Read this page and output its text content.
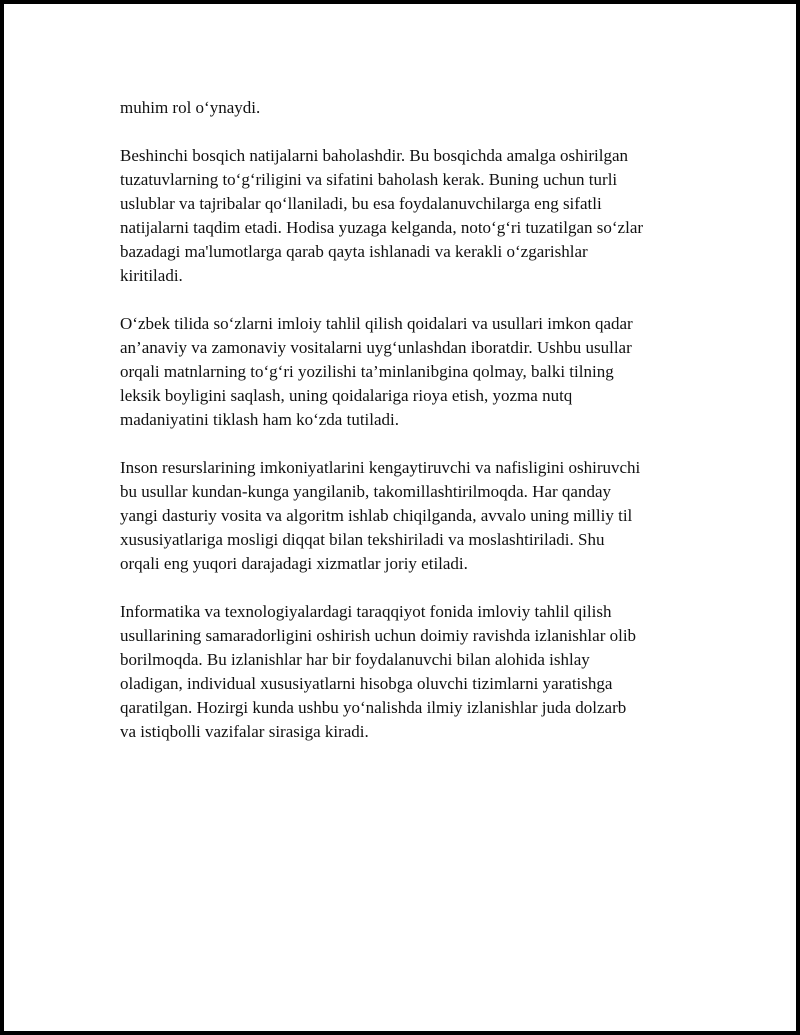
muhim rol o‘ynaydi.

Beshinchi bosqich natijalarni baholashdir. Bu bosqichda amalga oshirilgan
tuzatuvlarning to‘g‘riligini va sifatini baholash kerak. Buning uchun turli
uslublar va tajribalar qo‘llaniladi, bu esa foydalanuvchilarga eng sifatli
natijalarni taqdim etadi. Hodisa yuzaga kelganda, noto‘g‘ri tuzatilgan so‘zlar
bazadagi ma'lumotlarga qarab qayta ishlanadi va kerakli o‘zgarishlar
kiritiladi.

O‘zbek tilida so‘zlarni imloiy tahlil qilish qoidalari va usullari imkon qadar
an’anaviy va zamonaviy vositalarni uyg‘unlashdan iboratdir. Ushbu usullar
orqali matnlarning to‘g‘ri yozilishi ta’minlanibgina qolmay, balki tilning
leksik boyligini saqlash, uning qoidalariga rioya etish, yozma nutq
madaniyatini tiklash ham ko‘zda tutiladi.

Inson resurslarining imkoniyatlarini kengaytiruvchi va nafisligini oshiruvchi
bu usullar kundan-kunga yangilanib, takomillashtirilmoqda. Har qanday
yangi dasturiy vosita va algoritm ishlab chiqilganda, avvalo uning milliy til
xususiyatlariga mosligi diqqat bilan tekshiriladi va moslashtiriladi. Shu
orqali eng yuqori darajadagi xizmatlar joriy etiladi.

Informatika va texnologiyalardagi taraqqiyot fonida imloviy tahlil qilish
usullarining samaradorligini oshirish uchun doimiy ravishda izlanishlar olib
borilmoqda. Bu izlanishlar har bir foydalanuvchi bilan alohida ishlay
oladigan, individual xususiyatlarni hisobga oluvchi tizimlarni yaratishga
qaratilgan. Hozirgi kunda ushbu yo‘nalishda ilmiy izlanishlar juda dolzarb
va istiqbolli vazifalar sirasiga kiradi.
